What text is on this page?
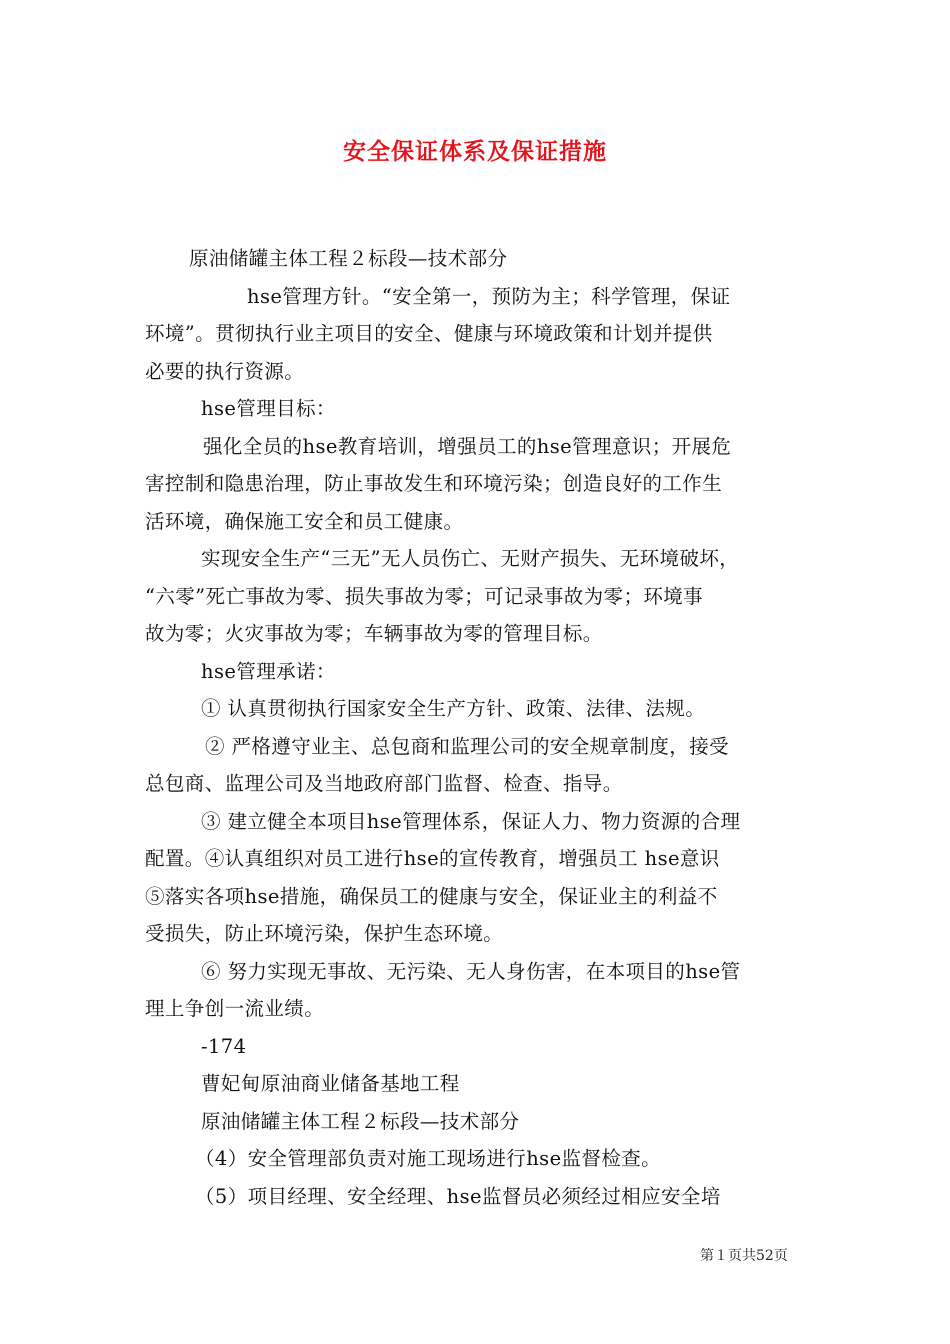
安全保证体系及保证措施

原油储罐主体工程２标段—技术部分

hse管理方针。“安全第一，预防为主；科学管理，保证

环境”。贯彻执行业主项目的安全、健康与环境政策和计划并提供

必要的执行资源。

hse管理目标：

强化全员的hse教育培训，增强员工的hse管理意识；开展危

害控制和隐患治理，防止事故发生和环境污染；创造良好的工作生

活环境，确保施工安全和员工健康。

实现安全生产“三无”无人员伤亡、无财产损失、无环境破坏，

“六零”死亡事故为零、损失事故为零；可记录事故为零；环境事

故为零；火灾事故为零；车辆事故为零的管理目标。

hse管理承诺：

① 认真贯彻执行国家安全生产方针、政策、法律、法规。

② 严格遵守业主、总包商和监理公司的安全规章制度，接受

总包商、监理公司及当地政府部门监督、检查、指导。

③ 建立健全本项目hse管理体系，保证人力、物力资源的合理

配置。④认真组织对员工进行hse的宣传教育，增强员工 hse意识

⑤落实各项hse措施，确保员工的健康与安全，保证业主的利益不

受损失，防止环境污染，保护生态环境。

⑥ 努力实现无事故、无污染、无人身伤害，在本项目的hse管

理上争创一流业绩。

-174

曹妃甸原油商业储备基地工程

原油储罐主体工程２标段—技术部分

（4）安全管理部负责对施工现场进行hse监督检查。

（5）项目经理、安全经理、hse监督员必须经过相应安全培

第１页共52页
